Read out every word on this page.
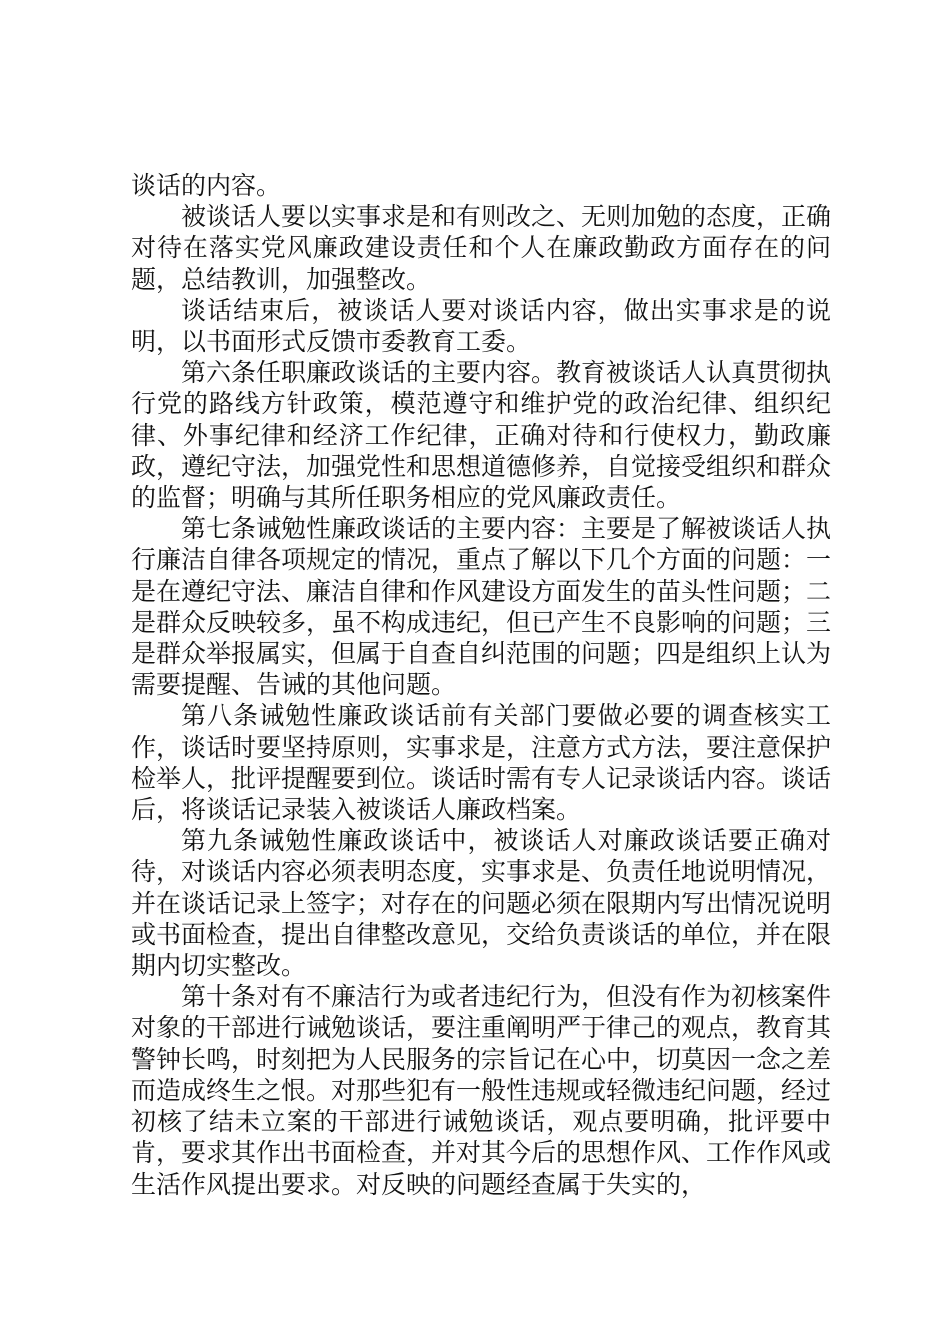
谈话的内容。

被谈话人要以实事求是和有则改之、无则加勉的态度，正确对待在落实党风廉政建设责任和个人在廉政勤政方面存在的问题，总结教训，加强整改。

谈话结束后，被谈话人要对谈话内容，做出实事求是的说明，以书面形式反馈市委教育工委。

第六条任职廉政谈话的主要内容。教育被谈话人认真贯彻执行党的路线方针政策，模范遵守和维护党的政治纪律、组织纪律、外事纪律和经济工作纪律，正确对待和行使权力，勤政廉政，遵纪守法，加强党性和思想道德修养，自觉接受组织和群众的监督；明确与其所任职务相应的党风廉政责任。

第七条诫勉性廉政谈话的主要内容：主要是了解被谈话人执行廉洁自律各项规定的情况，重点了解以下几个方面的问题：一是在遵纪守法、廉洁自律和作风建设方面发生的苗头性问题；二是群众反映较多，虽不构成违纪，但已产生不良影响的问题；三是群众举报属实，但属于自查自纠范围的问题；四是组织上认为需要提醒、告诫的其他问题。

第八条诫勉性廉政谈话前有关部门要做必要的调查核实工作，谈话时要坚持原则，实事求是，注意方式方法，要注意保护检举人，批评提醒要到位。谈话时需有专人记录谈话内容。谈话后，将谈话记录装入被谈话人廉政档案。

第九条诫勉性廉政谈话中，被谈话人对廉政谈话要正确对待，对谈话内容必须表明态度，实事求是、负责任地说明情况，并在谈话记录上签字；对存在的问题必须在限期内写出情况说明或书面检查，提出自律整改意见，交给负责谈话的单位，并在限期内切实整改。

第十条对有不廉洁行为或者违纪行为，但没有作为初核案件对象的干部进行诫勉谈话，要注重阐明严于律己的观点，教育其警钟长鸣，时刻把为人民服务的宗旨记在心中，切莫因一念之差而造成终生之恨。对那些犯有一般性违规或轻微违纪问题，经过初核了结未立案的干部进行诫勉谈话，观点要明确，批评要中肯，要求其作出书面检查，并对其今后的思想作风、工作作风或生活作风提出要求。对反映的问题经查属于失实的，
